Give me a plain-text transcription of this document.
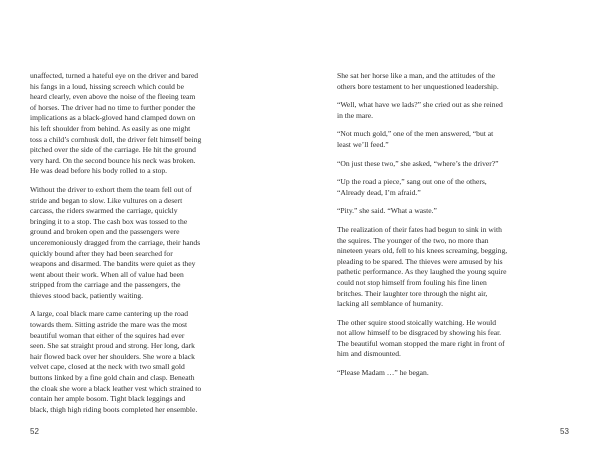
unaffected, turned a hateful eye on the driver and bared
his fangs in a loud, hissing screech which could be
heard clearly, even above the noise of the fleeing team
of horses. The driver had no time to further ponder the
implications as a black-gloved hand clamped down on
his left shoulder from behind. As easily as one might
toss a child’s cornhusk doll, the driver felt himself being
pitched over the side of the carriage. He hit the ground
very hard. On the second bounce his neck was broken.
He was dead before his body rolled to a stop.

Without the driver to exhort them the team fell out of
stride and began to slow. Like vultures on a desert
carcass, the riders swarmed the carriage, quickly
bringing it to a stop. The cash box was tossed to the
ground and broken open and the passengers were
unceremoniously dragged from the carriage, their hands
quickly bound after they had been searched for
weapons and disarmed. The bandits were quiet as they
went about their work. When all of value had been
stripped from the carriage and the passengers, the
thieves stood back, patiently waiting.

A large, coal black mare came cantering up the road
towards them. Sitting astride the mare was the most
beautiful woman that either of the squires had ever
seen. She sat straight proud and strong. Her long, dark
hair flowed back over her shoulders. She wore a black
velvet cape, closed at the neck with two small gold
buttons linked by a fine gold chain and clasp. Beneath
the cloak she wore a black leather vest which strained to
contain her ample bosom. Tight black leggings and
black, thigh high riding boots completed her ensemble.

52

She sat her horse like a man, and the attitudes of the
others bore testament to her unquestioned leadership.

“Well, what have we lads?” she cried out as she reined
in the mare.

“Not much gold,” one of the men answered, “but at
least we’ll feed.”

“On just these two,” she asked, “where’s the driver?”

“Up the road a piece,” sang out one of the others,
“Already dead, I’m afraid.”

“Pity.” she said. “What a waste.”

The realization of their fates had begun to sink in with
the squires. The younger of the two, no more than
nineteen years old, fell to his knees screaming, begging,
pleading to be spared. The thieves were amused by his
pathetic performance. As they laughed the young squire
could not stop himself from fouling his fine linen
britches. Their laughter tore through the night air,
lacking all semblance of humanity.

The other squire stood stoically watching. He would
not allow himself to be disgraced by showing his fear.
The beautiful woman stopped the mare right in front of
him and dismounted.

“Please Madam …” he began.

53
